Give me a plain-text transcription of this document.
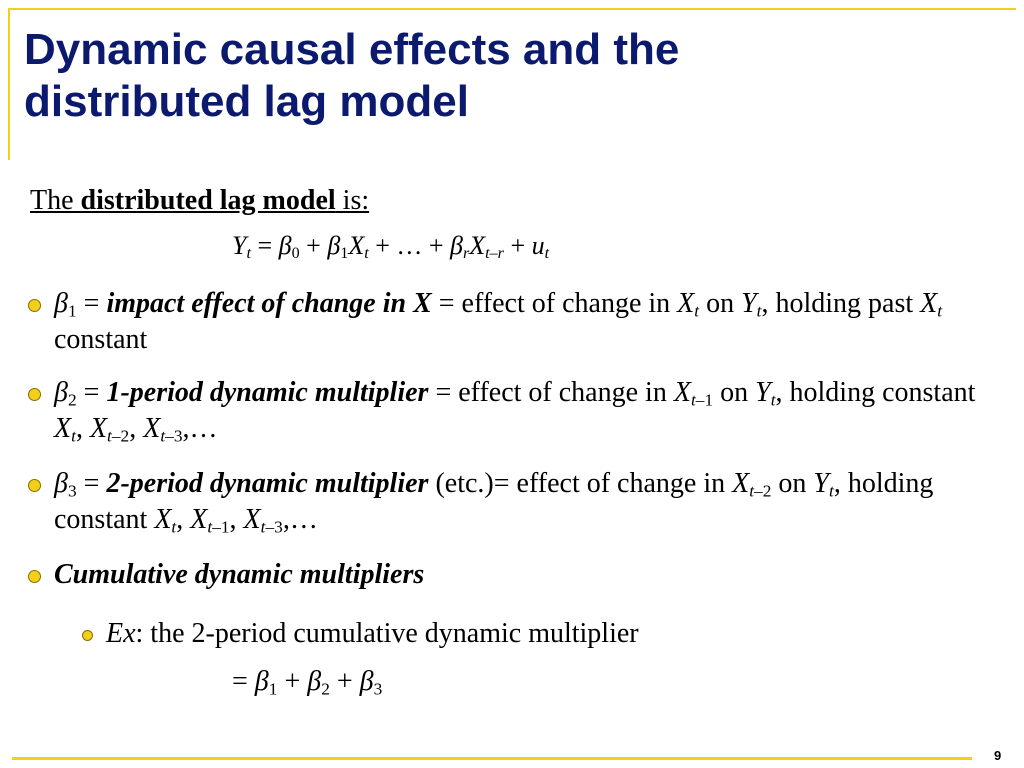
Dynamic causal effects and the
distributed lag model

The distributed lag model is:

$Y_t = \beta_0 + \beta_1X_t$ + … + $\beta_rX_{t-r} + u_t$
$\beta_1$ = impact effect of change in X = effect of change in $X_t$ on $Y_t$, holding past $X_t$ constant
$\beta_2$ = 1-period dynamic multiplier = effect of change in $X_{t-1}$ on $Y_t$, holding constant $X_t$, $X_{t-2}$, $X_{t-3},\dots$
$\beta_3$ = 2-period dynamic multiplier (etc.)= effect of change in $X_{t-2}$ on $Y_t$, holding constant $X_t$, $X_{t-1}$, $X_{t-3},\dots$
Cumulative dynamic multipliers
Ex: the 2-period cumulative dynamic multiplier
= $\beta_1 + \beta_2 + \beta_3$
9
